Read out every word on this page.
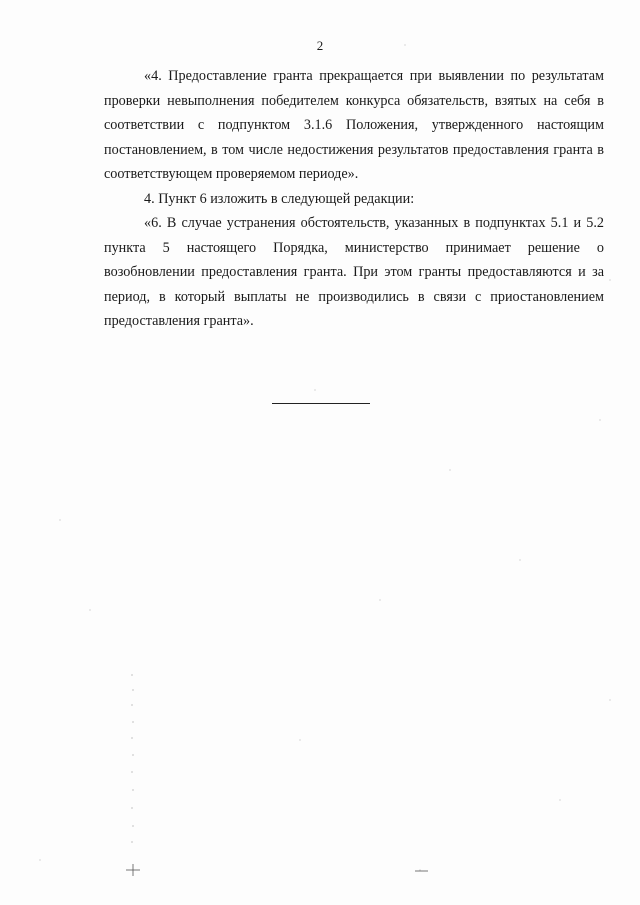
2

«4. Предоставление гранта прекращается при выявлении по результатам проверки невыполнения победителем конкурса обязательств, взятых на себя в соответствии с подпунктом 3.1.6 Положения, утвержденного настоящим постановлением, в том числе недостижения результатов предоставления гранта в соответствующем проверяемом периоде».

4. Пункт 6 изложить в следующей редакции:

«6. В случае устранения обстоятельств, указанных в подпунктах 5.1 и 5.2 пункта 5 настоящего Порядка, министерство принимает решение о возобновлении предоставления гранта. При этом гранты предоставляются и за период, в который выплаты не производились в связи с приостановлением предоставления гранта».
